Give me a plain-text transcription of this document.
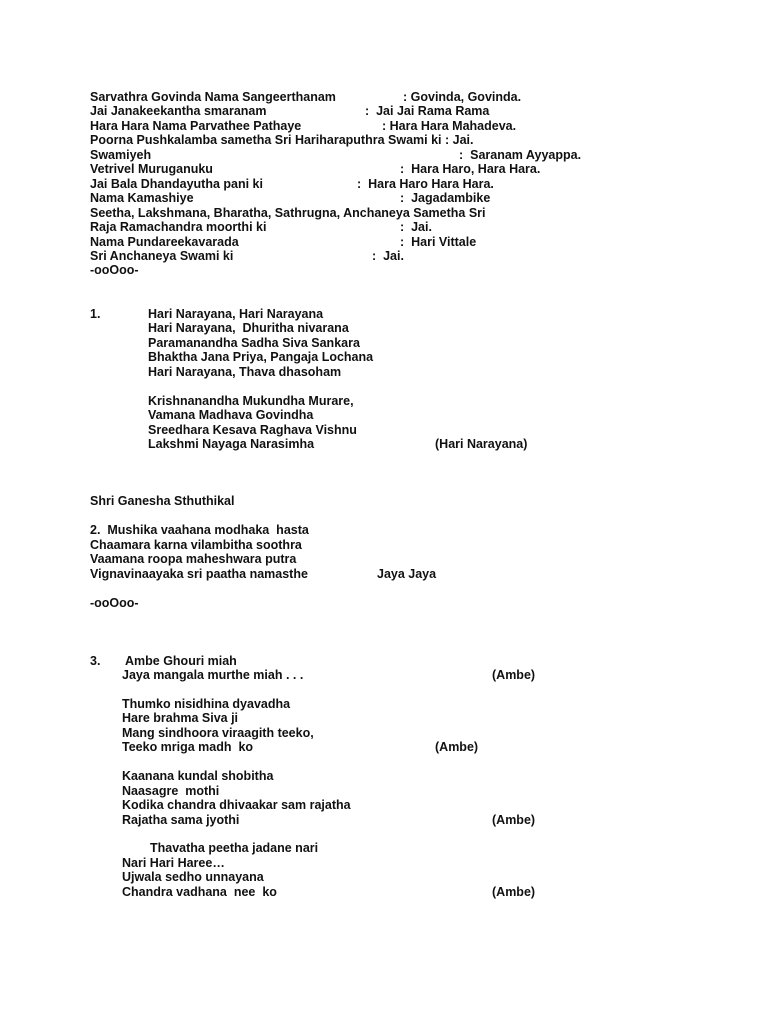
Sarvathra Govinda Nama Sangeerthanam	: Govinda, Govinda.
Jai Janakeekantha smaranam	:  Jai Jai Rama Rama
Hara Hara Nama Parvathee Pathaye	: Hara Hara Mahadeva.
Poorna Pushkalamba sametha Sri Hariharaputhra Swami ki : Jai.
Swamiyeh	:  Saranam Ayyappa.
Vetrivel Muruganuku	:  Hara Haro, Hara Hara.
Jai Bala Dhandayutha pani ki	:  Hara Haro Hara Hara.
Nama Kamashiye	:  Jagadambike
Seetha, Lakshmana, Bharatha, Sathrugna, Anchaneya Sametha Sri
Raja Ramachandra moorthi ki	:  Jai.
Nama Pundareekavarada	:  Hari Vittale
Sri Anchaneya Swami ki	:  Jai.
-ooOoo-
1.	Hari Narayana, Hari Narayana
Hari Narayana,  Dhuritha nivarana
Paramanandha Sadha Siva Sankara
Bhaktha Jana Priya, Pangaja Lochana
Hari Narayana, Thava dhasoham
Krishnanandha Mukundha Murare,
Vamana Madhava Govindha
Sreedhara Kesava Raghava Vishnu
Lakshmi Nayaga Narasimha	(Hari Narayana)
Shri Ganesha Sthuthikal
2.  Mushika vaahana modhaka  hasta
Chaamara karna vilambitha soothra
Vaamana roopa maheshwara putra
Vignavinaayaka sri paatha namasthe	Jaya Jaya
-ooOoo-
3. Ambe Ghouri miah
Jaya mangala murthe miah . . .	(Ambe)
Thumko nisidhina dyavadha
Hare brahma Siva ji
Mang sindhoora viraagith teeko,
Teeko mriga madh  ko	(Ambe)
Kaanana kundal shobitha
Naasagre  mothi
Kodika chandra dhivaakar sam rajatha
Rajatha sama jyothi	(Ambe)
Thavatha peetha jadane nari
Nari Hari Haree…
Ujwala sedho unnayana
Chandra vadhana  nee  ko	(Ambe)
